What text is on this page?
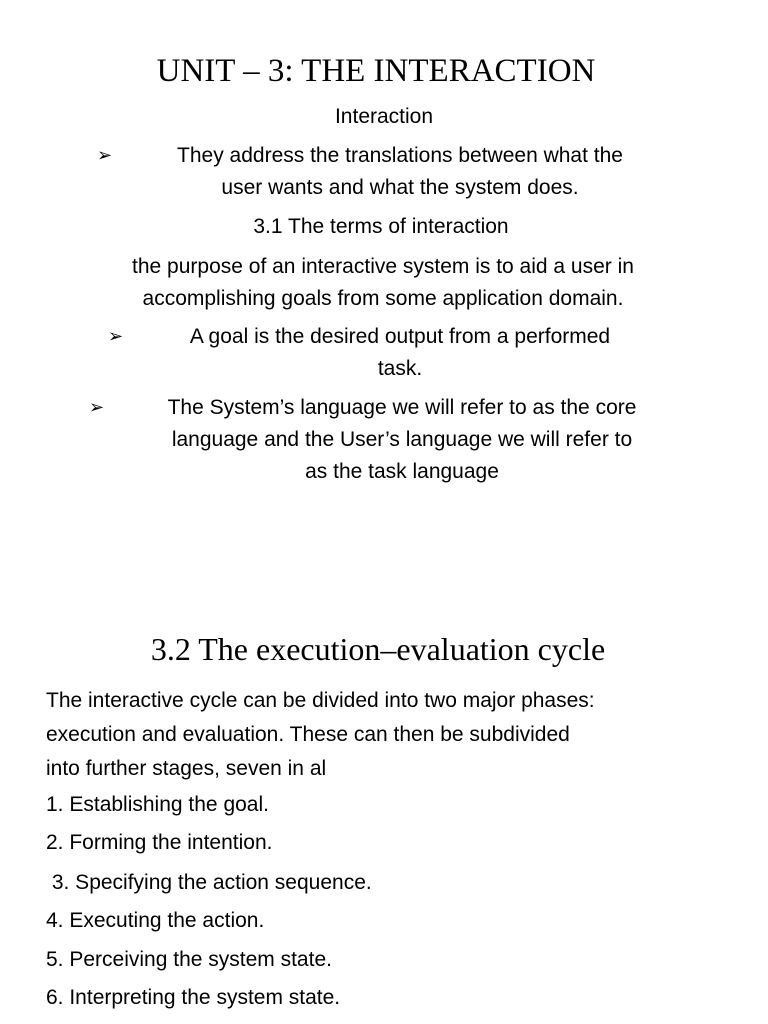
UNIT – 3: THE INTERACTION

Interaction

➢	They address the translations between what the
user wants and what the system does.

3.1 The terms of interaction

the purpose of an interactive system is to aid a user in
accomplishing goals from some application domain.

➢	A goal is the desired output from a performed
task.

➢	The System’s language we will refer to as the core
language and the User’s language we will refer to
as the task language

3.2 The execution–evaluation cycle

The interactive cycle can be divided into two major phases:
execution and evaluation. These can then be subdivided
into further stages, seven in al

1. Establishing the goal.

2. Forming the intention.

3. Specifying the action sequence.

4. Executing the action.

5. Perceiving the system state.

6. Interpreting the system state.
